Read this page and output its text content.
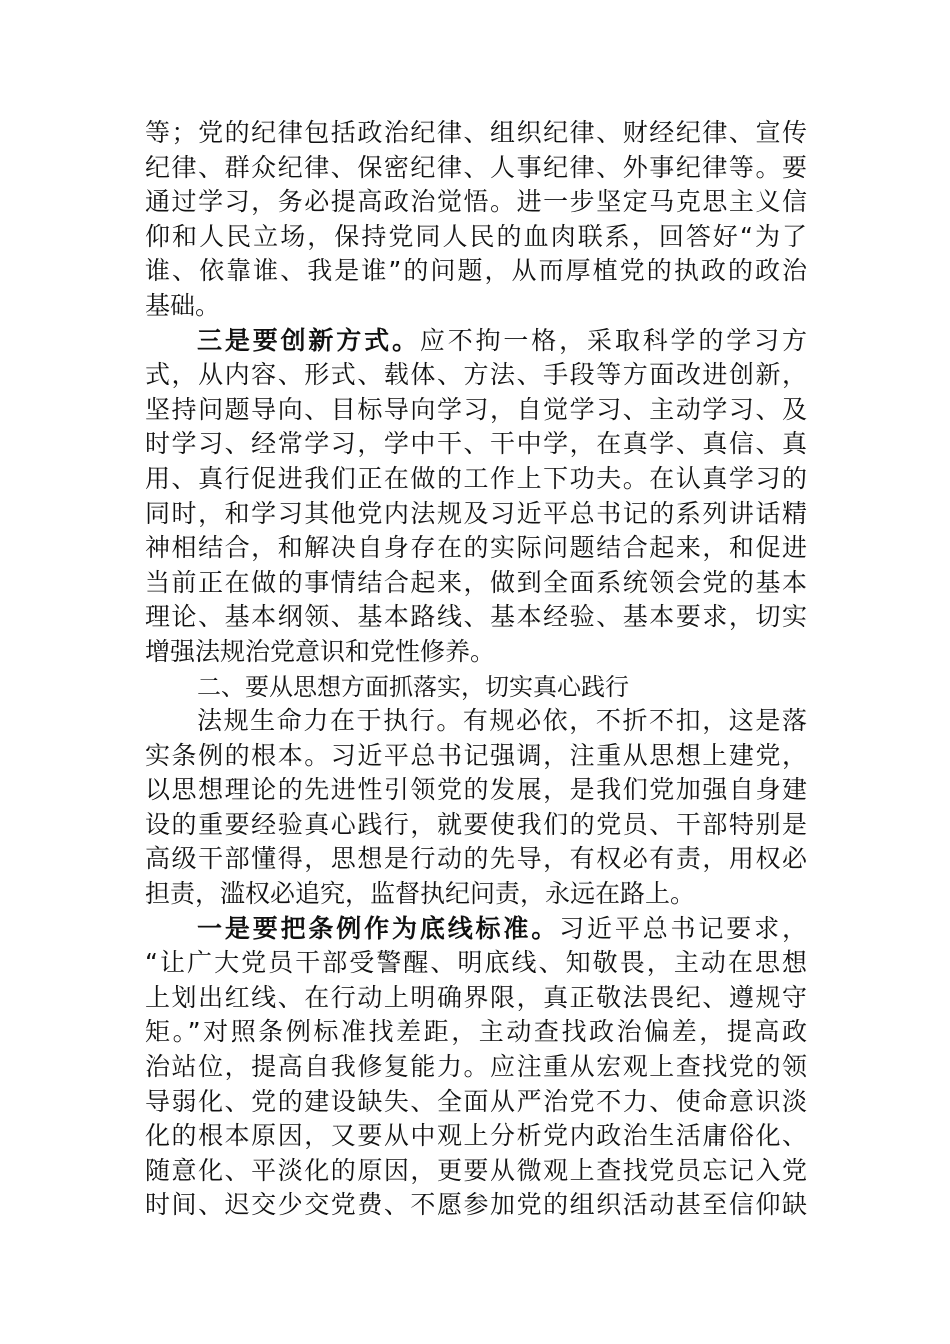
等；党的纪律包括政治纪律、组织纪律、财经纪律、宣传
纪律、群众纪律、保密纪律、人事纪律、外事纪律等。要
通过学习，务必提高政治觉悟。进一步坚定马克思主义信
仰和人民立场，保持党同人民的血肉联系，回答好“为了
谁、依靠谁、我是谁”的问题，从而厚植党的执政的政治
基础。
三是要创新方式。应不拘一格，采取科学的学习方
式，从内容、形式、载体、方法、手段等方面改进创新，
坚持问题导向、目标导向学习，自觉学习、主动学习、及
时学习、经常学习，学中干、干中学，在真学、真信、真
用、真行促进我们正在做的工作上下功夫。在认真学习的
同时，和学习其他党内法规及习近平总书记的系列讲话精
神相结合，和解决自身存在的实际问题结合起来，和促进
当前正在做的事情结合起来，做到全面系统领会党的基本
理论、基本纲领、基本路线、基本经验、基本要求，切实
增强法规治党意识和党性修养。
二、要从思想方面抓落实，切实真心践行
法规生命力在于执行。有规必依，不折不扣，这是落
实条例的根本。习近平总书记强调，注重从思想上建党，
以思想理论的先进性引领党的发展，是我们党加强自身建
设的重要经验真心践行，就要使我们的党员、干部特别是
高级干部懂得，思想是行动的先导，有权必有责，用权必
担责，滥权必追究，监督执纪问责，永远在路上。
一是要把条例作为底线标准。习近平总书记要求，
“让广大党员干部受警醒、明底线、知敬畏，主动在思想
上划出红线、在行动上明确界限，真正敬法畏纪、遵规守
矩。”对照条例标准找差距，主动查找政治偏差，提高政
治站位，提高自我修复能力。应注重从宏观上查找党的领
导弱化、党的建设缺失、全面从严治党不力、使命意识淡
化的根本原因，又要从中观上分析党内政治生活庸俗化、
随意化、平淡化的原因，更要从微观上查找党员忘记入党
时间、迟交少交党费、不愿参加党的组织活动甚至信仰缺
